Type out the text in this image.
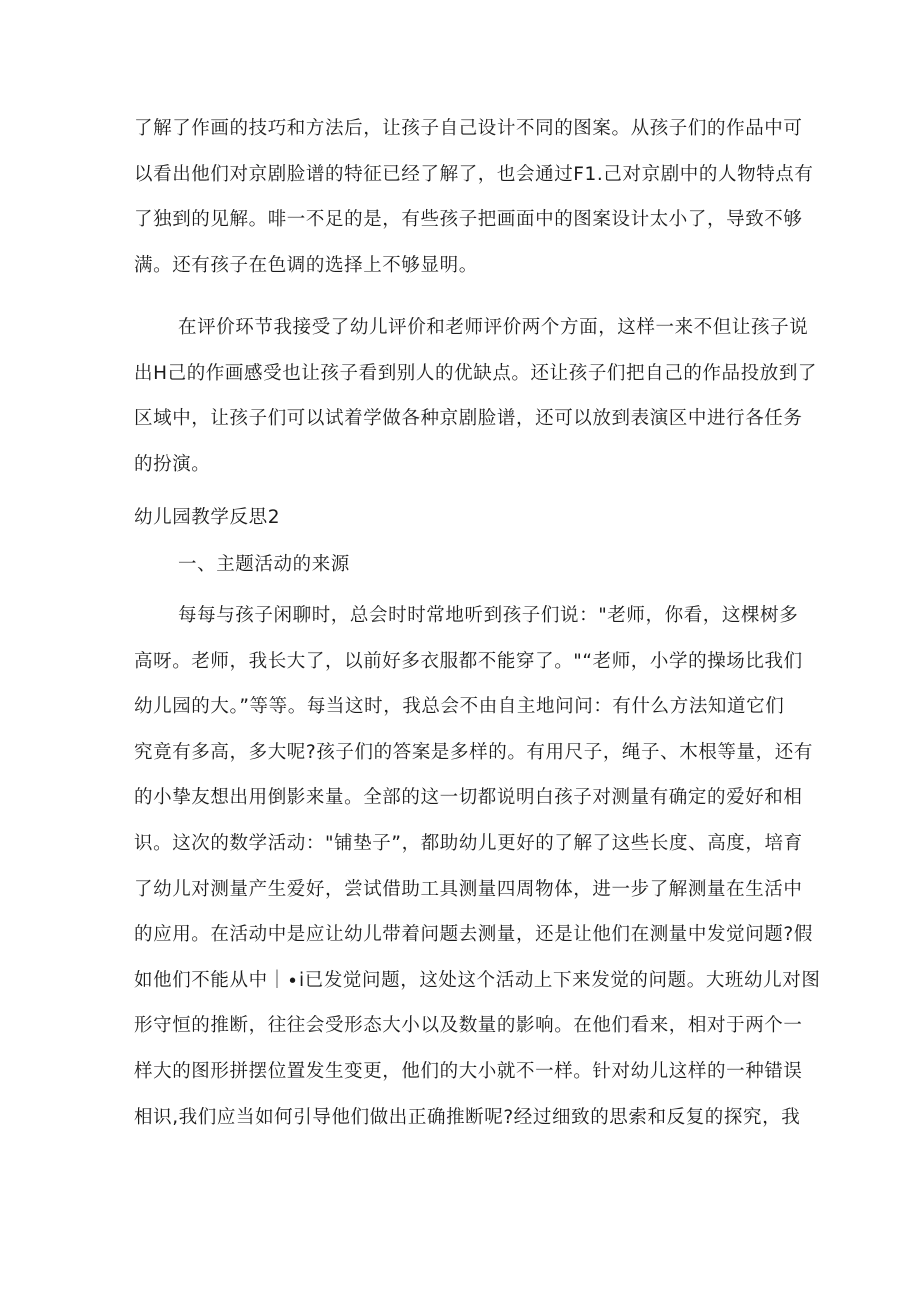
了解了作画的技巧和方法后，让孩子自己设计不同的图案。从孩子们的作品中可
以看出他们对京剧脸谱的特征已经了解了，也会通过F1.己对京剧中的人物特点有
了独到的见解。啡一不足的是，有些孩子把画面中的图案设计太小了，导致不够
满。还有孩子在色调的选择上不够显明。
在评价环节我接受了幼儿评价和老师评价两个方面，这样一来不但让孩子说
出H己的作画感受也让孩子看到别人的优缺点。还让孩子们把自己的作品投放到了
区域中，让孩子们可以试着学做各种京剧脸谱，还可以放到表演区中进行各任务
的扮演。
幼儿园教学反思2
一、主题活动的来源
每每与孩子闲聊时，总会时时常地听到孩子们说："老师，你看，这棵树多
高呀。老师，我长大了，以前好多衣服都不能穿了。"“老师，小学的操场比我们
幼儿园的大。”等等。每当这时，我总会不由自主地问问：有什么方法知道它们
究竟有多高，多大呢?孩子们的答案是多样的。有用尺子，绳子、木根等量，还有
的小挚友想出用倒影来量。全部的这一切都说明白孩子对测量有确定的爱好和相
识。这次的数学活动："铺垫子”，都助幼儿更好的了解了这些长度、高度，培育
了幼儿对测量产生爱好，尝试借助工具测量四周物体，进一步了解测量在生活中
的应用。在活动中是应让幼儿带着问题去测量，还是让他们在测量中发觉问题?假
如他们不能从中｜∙i已发觉问题，这处这个活动上下来发觉的问题。大班幼儿对图
形守恒的推断，往往会受形态大小以及数量的影响。在他们看来，相对于两个一
样大的图形拼摆位置发生变更，他们的大小就不一样。针对幼儿这样的一种错误
相识,我们应当如何引导他们做出正确推断呢?经过细致的思索和反复的探究，我
